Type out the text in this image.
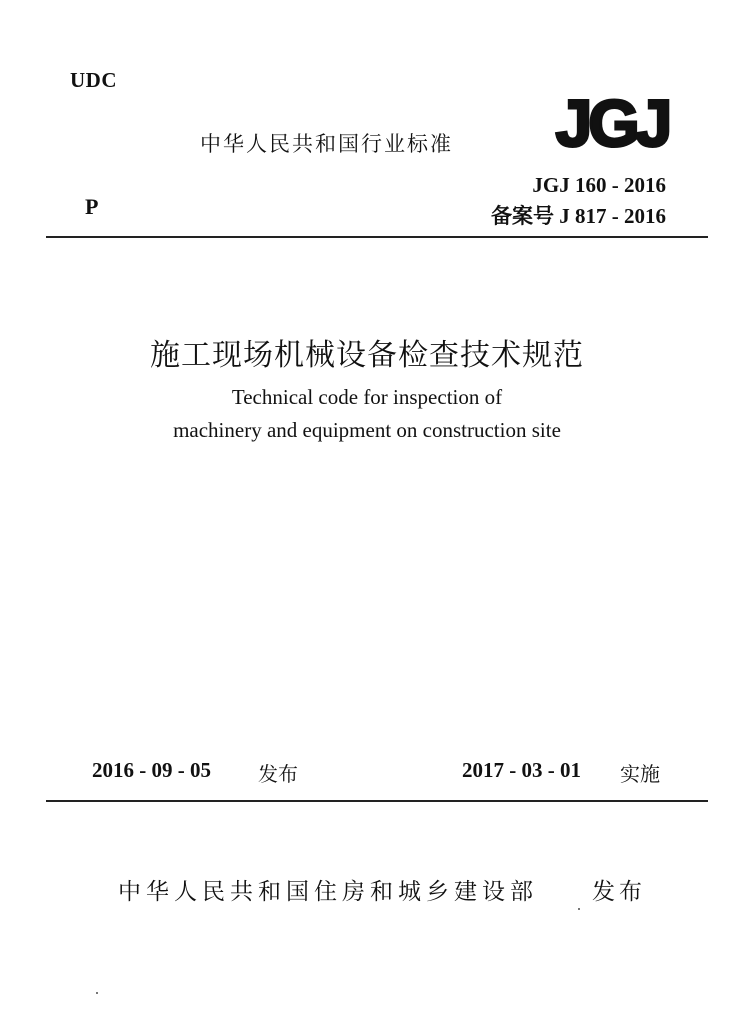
UDC
中华人民共和国行业标准 JGJ
P
JGJ 160 - 2016
备案号 J 817 - 2016
施工现场机械设备检查技术规范
Technical code for inspection of
machinery and equipment on construction site
2016 - 09 - 05 发布	2017 - 03 - 01 实施
中华人民共和国住房和城乡建设部 发布
